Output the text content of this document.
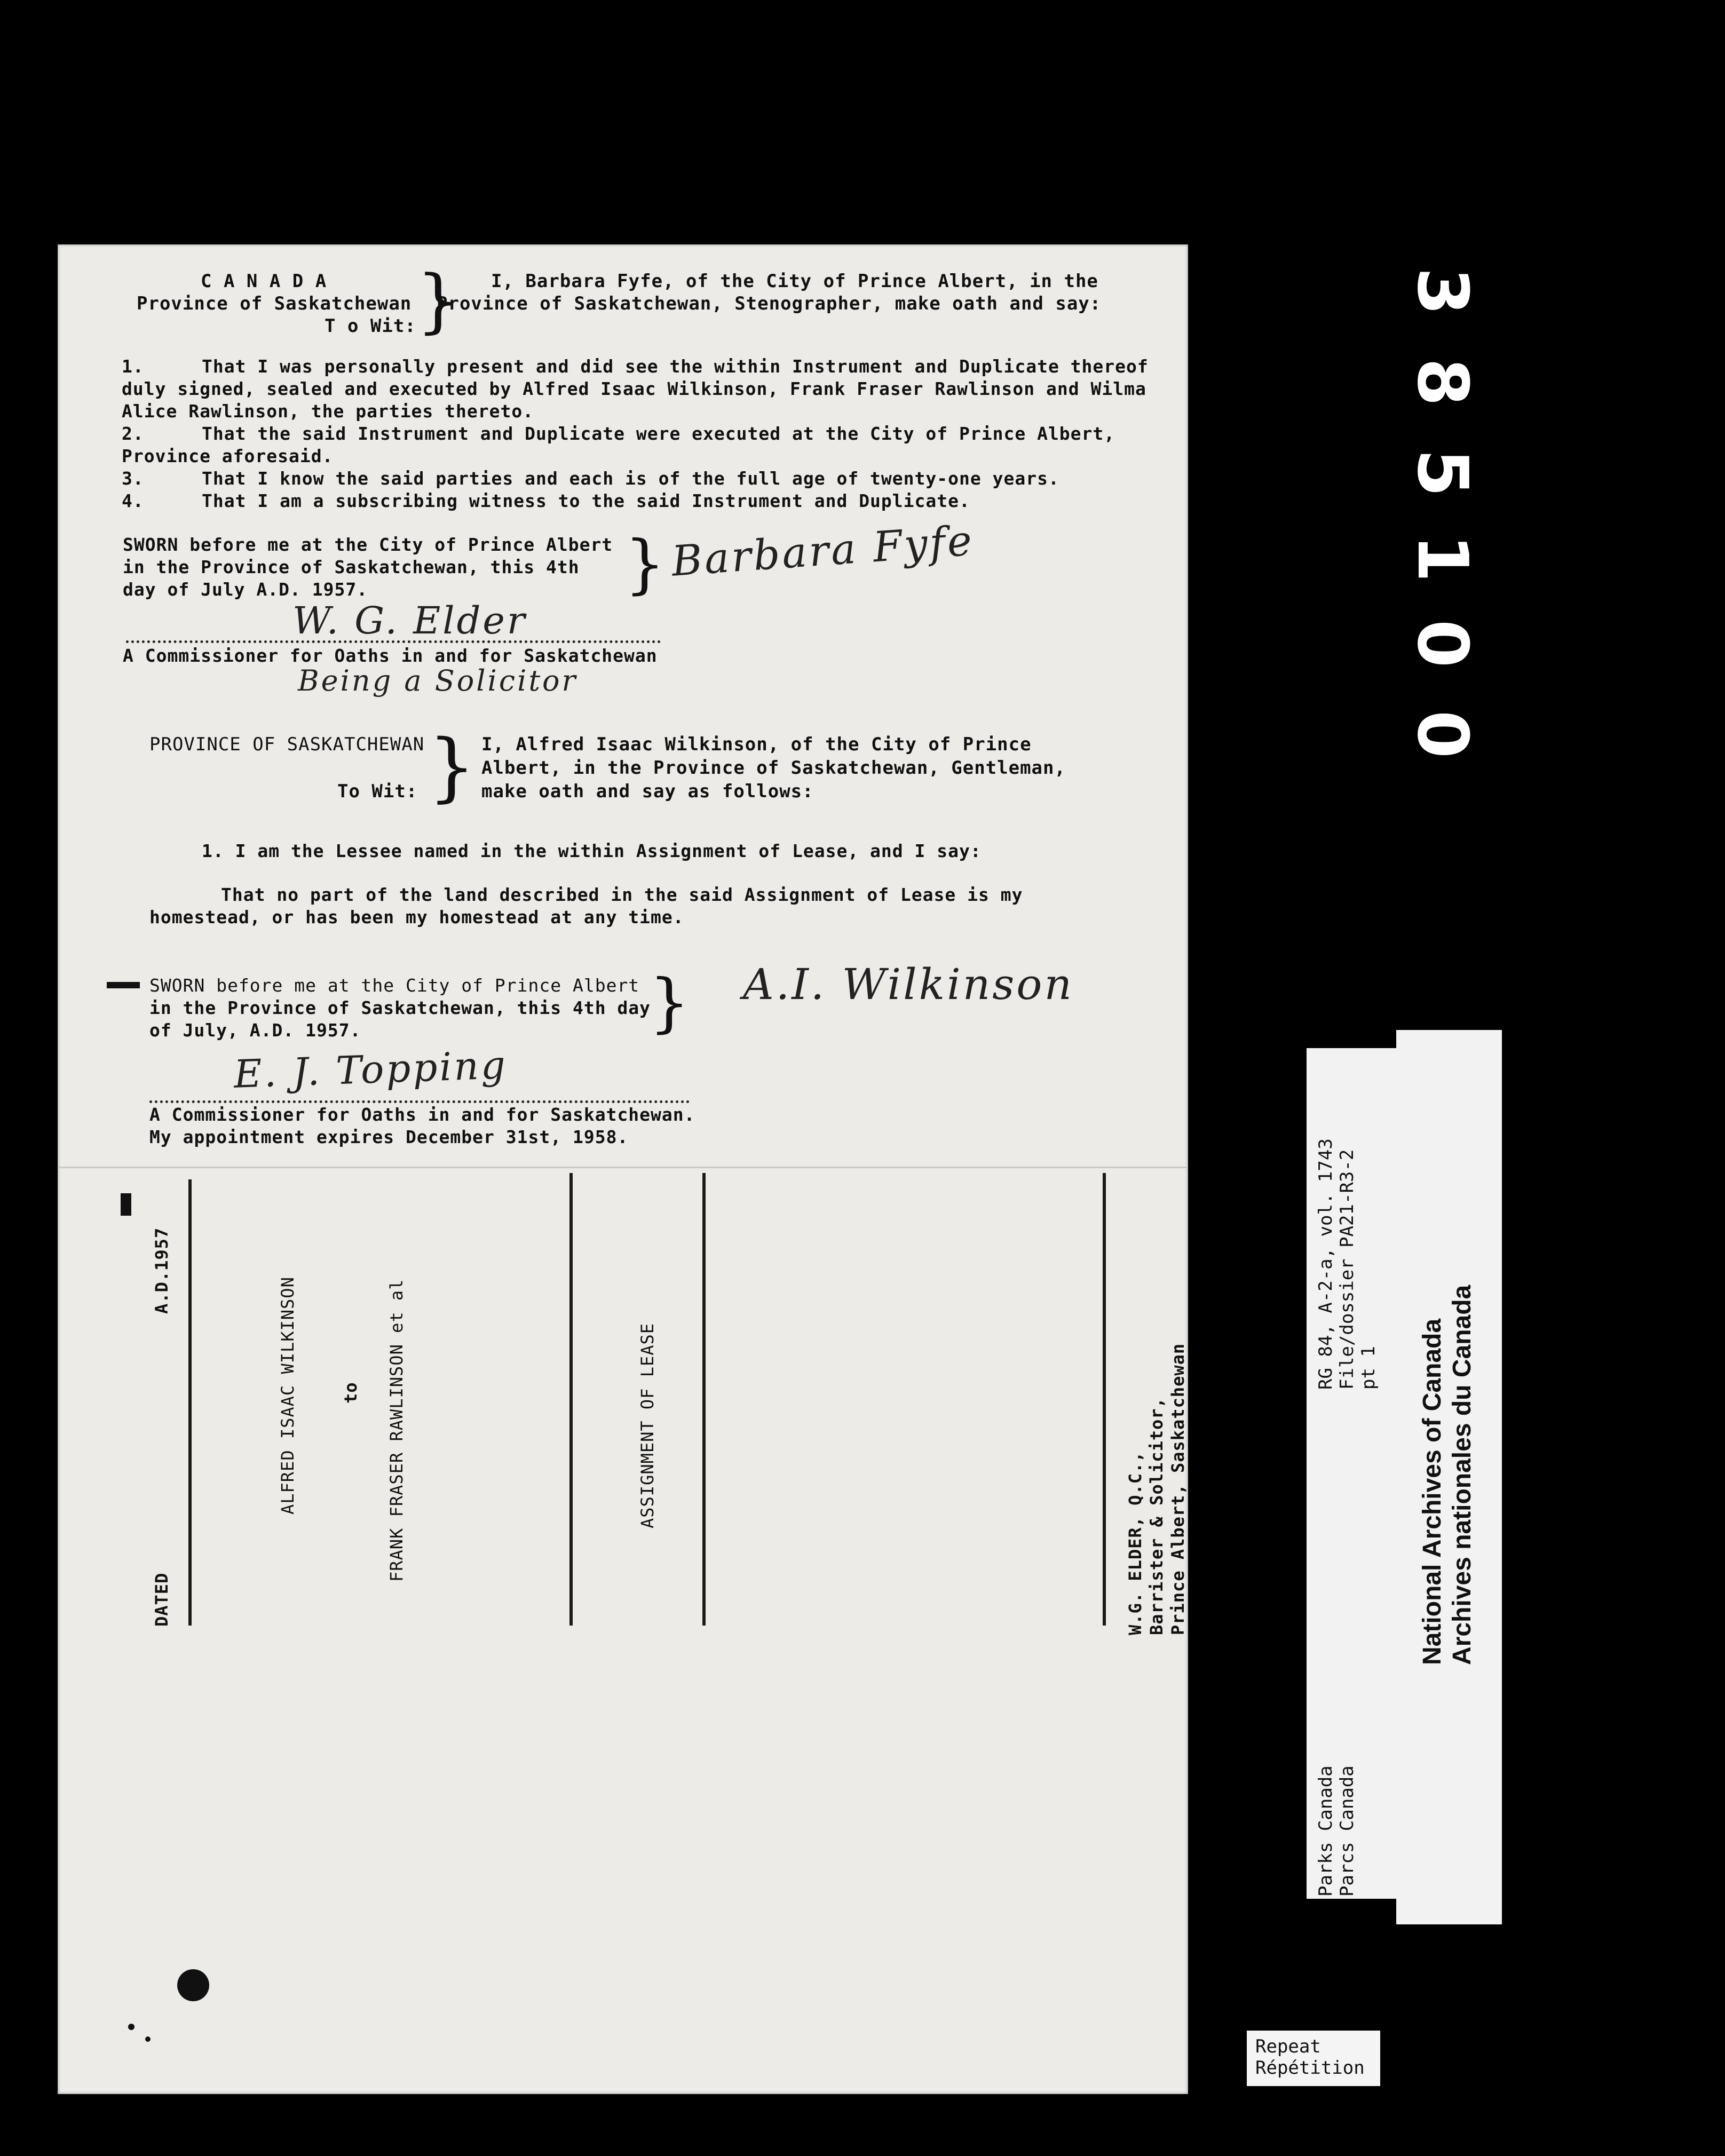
C A N A D A
Province of Saskatchewan
T o Wit: } I, Barbara Fyfe, of the City of Prince Albert, in the
Province of Saskatchewan, Stenographer, make oath and say:
1.	That I was personally present and did see the within Instrument and Duplicate thereof
duly signed, sealed and executed by Alfred Isaac Wilkinson, Frank Fraser Rawlinson and Wilma
Alice Rawlinson, the parties thereto.
2.	That the said Instrument and Duplicate were executed at the City of Prince Albert,
Province aforesaid.
3.	That I know the said parties and each is of the full age of twenty-one years.
4.	That I am a subscribing witness to the said Instrument and Duplicate.
SWORN before me at the City of Prince Albert
in the Province of Saskatchewan, this 4th
day of July A.D. 1957.	} Barbara Fyfe
W. G. Elder
A Commissioner for Oaths in and for Saskatchewan
Being a Solicitor
PROVINCE OF SASKATCHEWAN
To Wit: } I, Alfred Isaac Wilkinson, of the City of Prince
Albert, in the Province of Saskatchewan, Gentleman,
make oath and say as follows:
1. I am the Lessee named in the within Assignment of Lease, and I say:
That no part of the land described in the said Assignment of Lease is my
homestead, or has been my homestead at any time.
SWORN before me at the City of Prince Albert
in the Province of Saskatchewan, this 4th day
of July, A.D. 1957.	} A.I. Wilkinson
E. J. Topping
A Commissioner for Oaths in and for Saskatchewan.
My appointment expires December 31st, 1958.
DATED
A.D.1957
ALFRED ISAAC WILKINSON	to FRANK FRASER RAWLINSON et al	ASSIGNMENT OF LEASE
W.G. ELDER, Q.C., Barrister & Solicitor, Prince Albert, Saskatchewan
3
8
5
1
0
0
RG 84, A-2-a, vol. 1743 File/dossier PA21-R3-2 pt 1
Parks Canada Parcs Canada
National Archives of Canada Archives nationales du Canada
Repeat
Répétition
